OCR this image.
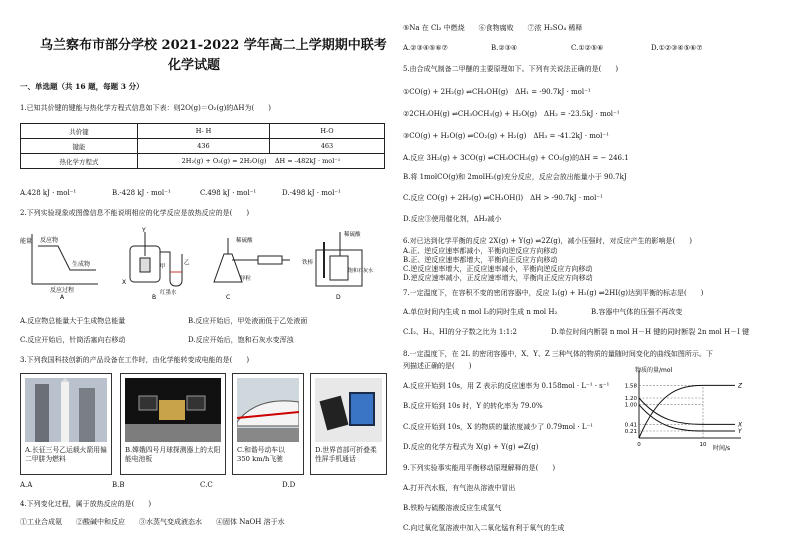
乌兰察布市部分学校 2021-2022 学年高二上学期期中联考
化学试题
一、单选题（共 16 题，每题 3 分）
1.已知共价键的键能与热化学方程式信息如下表：则2O(g)＝O₂(g)的ΔH为(　　)
共价键	H- H	H-O
键能	436	463
热化学方程式	2H₂(g) + O₂(g) = 2H₂O(g) ΔH = -482kJ · mol⁻¹	
A.428 kJ · mol⁻¹	B.-428 kJ · mol⁻¹	C.498 kJ · mol⁻¹	D.-498 kJ · mol⁻¹
2.下列实验现象或图像信息不能说明相应的化学反应是放热反应的是(　　)
能量 反应物
生成物
反应过程
A
Y
X
甲
乙
红墨水
B
稀硫酸
锌粒
C
稀硫酸
铁棒
饱和石灰水
D
A.反应物总能量大于生成物总能量	B.反应开始后，甲处液面低于乙处液面
C.反应开始后，针筒活塞向右移动	D.反应开始后，饱和石灰水变浑浊
3.下列我国科技创新的产品设备在工作时，由化学能转变成电能的是(　　)
A.长征三号乙运载火箭用偏二甲肼为燃料
B.嫦娥四号月球探测器上的太阳能电池板
C.和谐号动车以 350 km/h飞驰
D.世界首部可折叠柔性屏手机通话
A.A	B.B	C.C	D.D
4.下列变化过程，属于放热反应的是(　　)
①工业合成氨　　②酸碱中和反应　　③水蒸气变成液态水　　④固体 NaOH 溶于水
⑤Na 在 Cl₂ 中燃烧　　⑥食物腐败　　⑦浓 H₂SO₄ 稀释
A.②③④⑤⑥⑦	B.②③④	C.①②⑤⑥	D.①②③④⑤⑥⑦
5.由合成气制备二甲醚的主要原理如下。下列有关说法正确的是(　　)
①CO(g) + 2H₂(g) ⇌CH₃OH(g)　ΔH₁ = -90.7kJ · mol⁻¹
②2CH₃OH(g) ⇌CH₃OCH₃(g) + H₂O(g)　ΔH₂ = -23.5kJ · mol⁻¹
③CO(g) + H₂O(g) ⇌CO₂(g) + H₂(g)　ΔH₃ = -41.2kJ · mol⁻¹
A.反应 3H₂(g) + 3CO(g) ⇌CH₃OCH₃(g) + CO₂(g)的ΔH = − 246.1
B.将 1molCO(g)和 2molH₂(g)充分反应，反应会放出能量小于 90.7kJ
C.反应 CO(g) + 2H₂(g) ⇌CH₃OH(l)　ΔH > -90.7kJ · mol⁻¹
D.反应③使用催化剂，ΔH₃减小
6.对已达到化学平衡的反应 2X(g) + Y(g) ⇌2Z(g)，减小压强时，对反应产生的影响是(　　)
A.正、逆反应速率都减小，平衡向逆反应方向移动
B.正、逆反应速率都增大，平衡向正反应方向移动
C.逆反应速率增大，正反应速率减小，平衡向逆反应方向移动
D.逆反应速率减小，正反应速率增大，平衡向正反应方向移动
7.一定温度下，在容积不变的密闭容器中，反应 I₂(g) + H₂(g) ⇌2HI(g)达到平衡的标志是(　　)
A.单位时间内生成 n mol I₂的同时生成 n mol H₂	B.容器中气体的压强不再改变
C.I₂、H₂、HI的分子数之比为 1:1:2	D.单位时间内断裂 n mol H－H 键的同时断裂 2n mol H－I 键
8.一定温度下，在 2L 的密闭容器中，X、Y、Z 三种气体的物质的量随时间变化的曲线如图所示。下
列描述正确的是(　　)
A.反应开始到 10s，用 Z 表示的反应速率为 0.158mol · L⁻¹ · s⁻¹
B.反应开始到 10s 时，Y 的转化率为 79.0%
C.反应开始到 10s，X 的物质的量浓度减少了 0.79mol · L⁻¹
D.反应的化学方程式为 X(g) + Y(g) ⇌Z(g)
物质的量/mol
时间/s
1.58
1.20
1.00
0.41
0.21
0	10
Z
X
Y
9.下列实验事实能用平衡移动原理解释的是(　　)
A.打开汽水瓶，有气泡从溶液中冒出
B.铁粉与硫酸溶液反应生成氢气
C.向过氧化氢溶液中加入二氧化锰有利于氧气的生成
